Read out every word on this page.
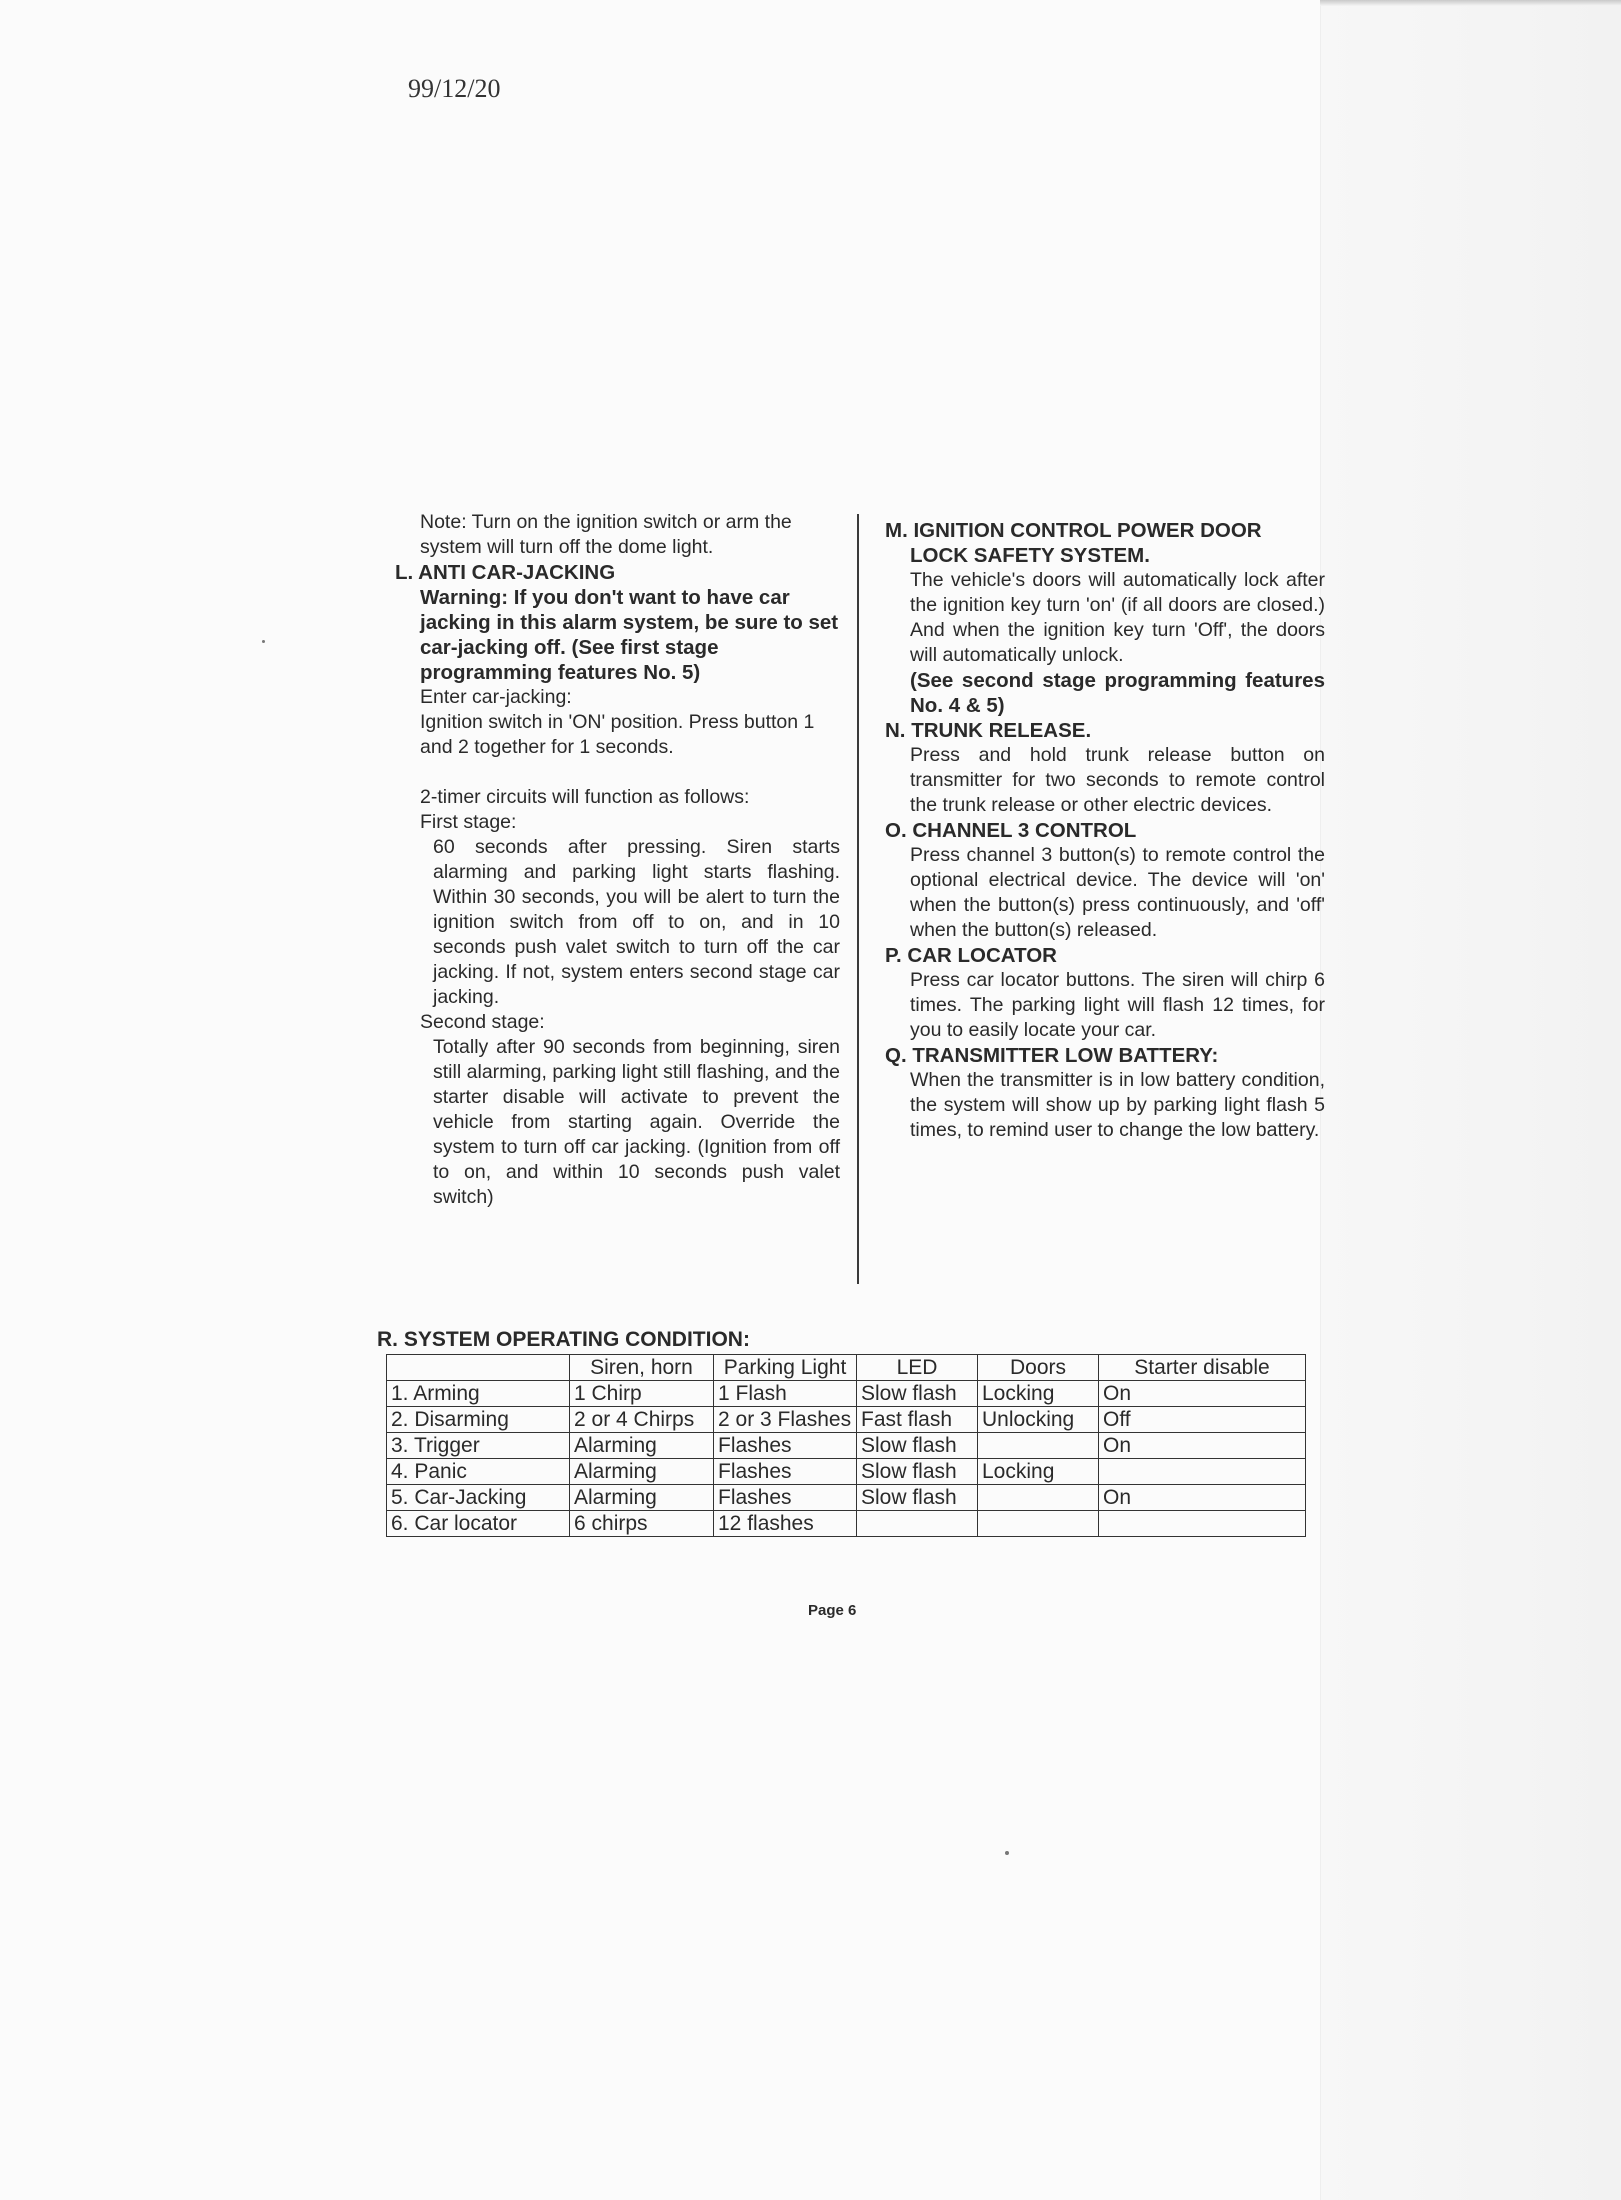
99/12/20

Note: Turn on the ignition switch or arm the system will turn off the dome light.

L. ANTI CAR-JACKING

Warning: If you don't want to have car jacking in this alarm system, be sure to set car-jacking off. (See first stage programming features No. 5)

Enter car-jacking:

Ignition switch in 'ON' position. Press button 1 and 2 together for 1 seconds.

2-timer circuits will function as follows:

First stage:

60 seconds after pressing. Siren starts alarming and parking light starts flashing. Within 30 seconds, you will be alert to turn the ignition switch from off to on, and in 10 seconds push valet switch to turn off the car jacking. If not, system enters second stage car jacking.

Second stage:

Totally after 90 seconds from beginning, siren still alarming, parking light still flashing, and the starter disable will activate to prevent the vehicle from starting again. Override the system to turn off car jacking. (Ignition from off to on, and within 10 seconds push valet switch)

M. IGNITION CONTROL POWER DOOR

LOCK SAFETY SYSTEM.

The vehicle's doors will automatically lock after the ignition key turn 'on' (if all doors are closed.) And when the ignition key turn 'Off', the doors will automatically unlock.

(See second stage programming features No. 4 & 5)

N. TRUNK RELEASE.

Press and hold trunk release button on transmitter for two seconds to remote control the trunk release or other electric devices.

O. CHANNEL 3 CONTROL

Press channel 3 button(s) to remote control the optional electrical device. The device will 'on' when the button(s) press continuously, and 'off' when the button(s) released.

P. CAR LOCATOR

Press car locator buttons. The siren will chirp 6 times. The parking light will flash 12 times, for you to easily locate your car.

Q. TRANSMITTER LOW BATTERY:

When the transmitter is in low battery condition, the system will show up by parking light flash 5 times, to remind user to change the low battery.

R. SYSTEM OPERATING CONDITION:
	Siren, horn	Parking Light	LED	Doors	Starter disable
1. Arming	1 Chirp	1 Flash	Slow flash	Locking	On
2. Disarming	2 or 4 Chirps	2 or 3 Flashes	Fast flash	Unlocking	Off
3. Trigger	Alarming	Flashes	Slow flash		On
4. Panic	Alarming	Flashes	Slow flash	Locking	
5. Car-Jacking	Alarming	Flashes	Slow flash		On
6. Car locator	6 chirps	12 flashes			
Page 6
